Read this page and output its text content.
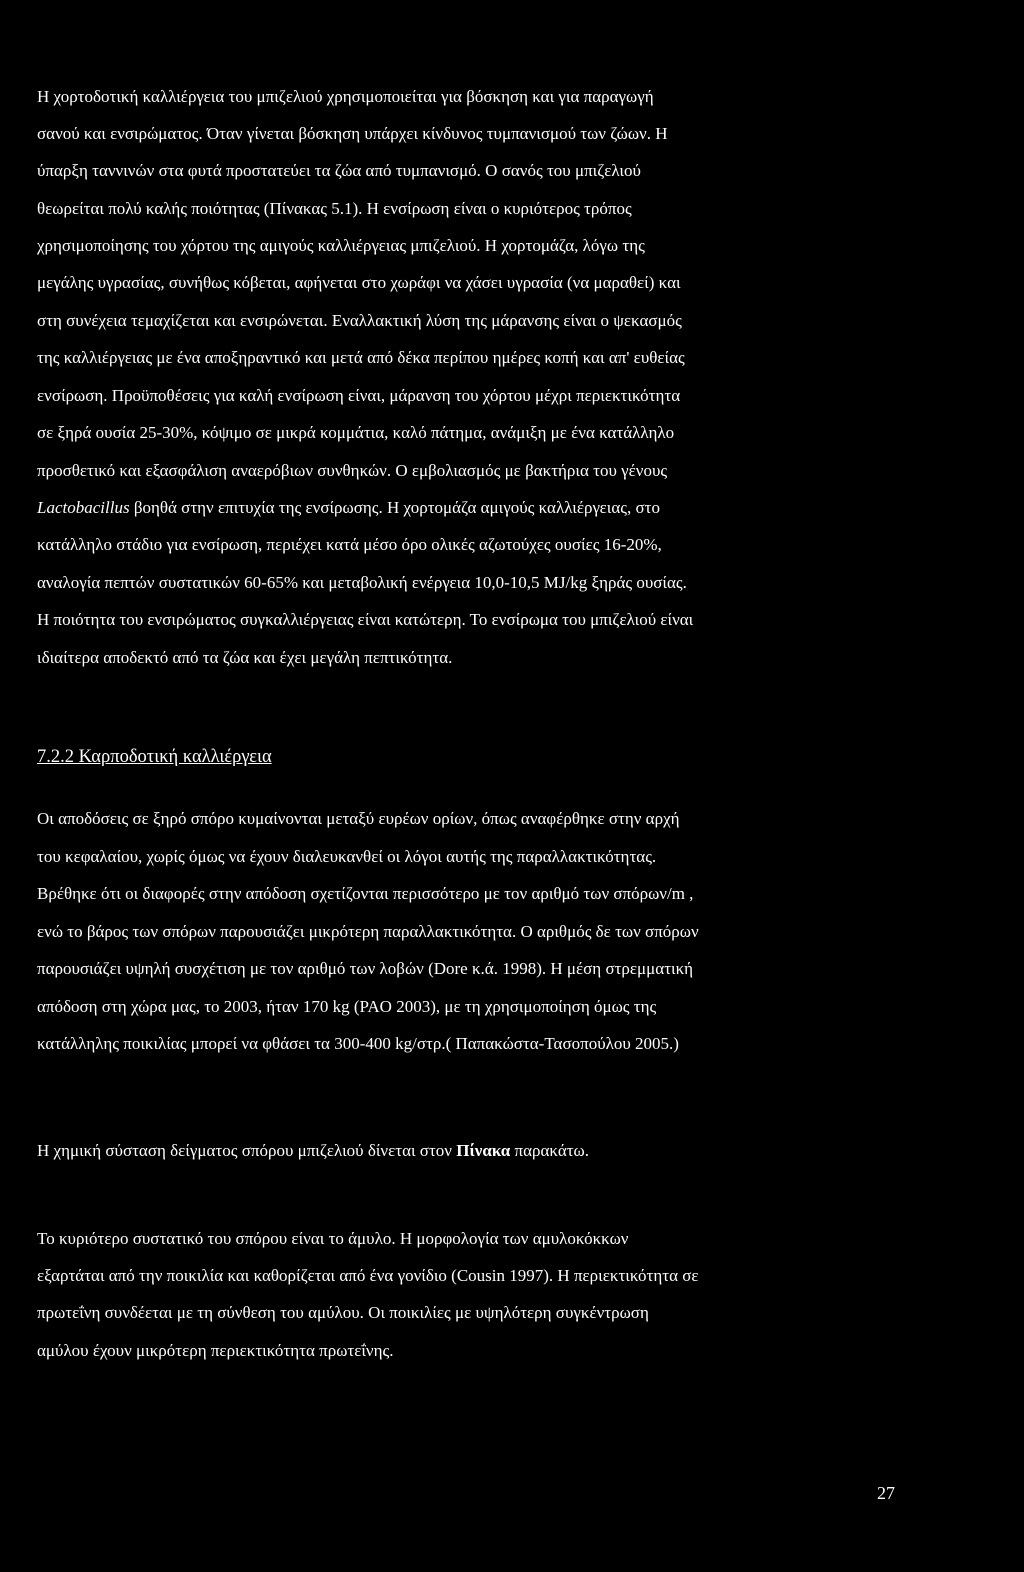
Η χορτοδοτική καλλιέργεια του μπιζελιού χρησιμοποιείται για βόσκηση και για παραγωγή
σανού και ενσιρώματος. Όταν γίνεται βόσκηση υπάρχει κίνδυνος τυμπανισμού των ζώων. Η
ύπαρξη ταννινών στα φυτά προστατεύει τα ζώα από τυμπανισμό. Ο σανός του μπιζελιού
θεωρείται πολύ καλής ποιότητας (Πίνακας 5.1). Η ενσίρωση είναι ο κυριότερος τρόπος
χρησιμοποίησης του χόρτου της αμιγούς καλλιέργειας μπιζελιού. Η χορτομάζα, λόγω της
μεγάλης υγρασίας, συνήθως κόβεται, αφήνεται στο χωράφι να χάσει υγρασία (να μαραθεί) και
στη συνέχεια τεμαχίζεται και ενσιρώνεται. Εναλλακτική λύση της μάρανσης είναι ο ψεκασμός
της καλλιέργειας με ένα αποξηραντικό και μετά από δέκα περίπου ημέρες κοπή και απ' ευθείας
ενσίρωση. Προϋποθέσεις για καλή ενσίρωση είναι, μάρανση του χόρτου μέχρι περιεκτικότητα
σε ξηρά ουσία 25-30%, κόψιμο σε μικρά κομμάτια, καλό πάτημα, ανάμιξη με ένα κατάλληλο
προσθετικό και εξασφάλιση αναερόβιων συνθηκών. Ο εμβολιασμός με βακτήρια του γένους
Lactobacillus βοηθά στην επιτυχία της ενσίρωσης. Η χορτομάζα αμιγούς καλλιέργειας, στο
κατάλληλο στάδιο για ενσίρωση, περιέχει κατά μέσο όρο ολικές αζωτούχες ουσίες 16-20%,
αναλογία πεπτών συστατικών 60-65% και μεταβολική ενέργεια 10,0-10,5 MJ/kg ξηράς ουσίας.
Η ποιότητα του ενσιρώματος συγκαλλιέργειας είναι κατώτερη. Το ενσίρωμα του μπιζελιού είναι
ιδιαίτερα αποδεκτό από τα ζώα και έχει μεγάλη πεπτικότητα.
7.2.2 Καρποδοτική καλλιέργεια
Οι αποδόσεις σε ξηρό σπόρο κυμαίνονται μεταξύ ευρέων ορίων, όπως αναφέρθηκε στην αρχή
του κεφαλαίου, χωρίς όμως να έχουν διαλευκανθεί οι λόγοι αυτής της παραλλακτικότητας.
Βρέθηκε ότι οι διαφορές στην απόδοση σχετίζονται περισσότερο με τον αριθμό των σπόρων/m ,
ενώ το βάρος των σπόρων παρουσιάζει μικρότερη παραλλακτικότητα. Ο αριθμός δε των σπόρων
παρουσιάζει υψηλή συσχέτιση με τον αριθμό των λοβών (Dore κ.ά. 1998). Η μέση στρεμματική
απόδοση στη χώρα μας, το 2003, ήταν 170 kg (PAO 2003), με τη χρησιμοποίηση όμως της
κατάλληλης ποικιλίας μπορεί να φθάσει τα 300-400 kg/στρ.( Παπακώστα-Τασοπούλου 2005.)
Η χημική σύσταση δείγματος σπόρου μπιζελιού δίνεται στον Πίνακα παρακάτω.
Το κυριότερο συστατικό του σπόρου είναι το άμυλο. Η μορφολογία των αμυλοκόκκων
εξαρτάται από την ποικιλία και καθορίζεται από ένα γονίδιο (Cousin 1997). Η περιεκτικότητα σε
πρωτεΐνη συνδέεται με τη σύνθεση του αμύλου. Οι ποικιλίες με υψηλότερη συγκέντρωση
αμύλου έχουν μικρότερη περιεκτικότητα πρωτεΐνης.
27
